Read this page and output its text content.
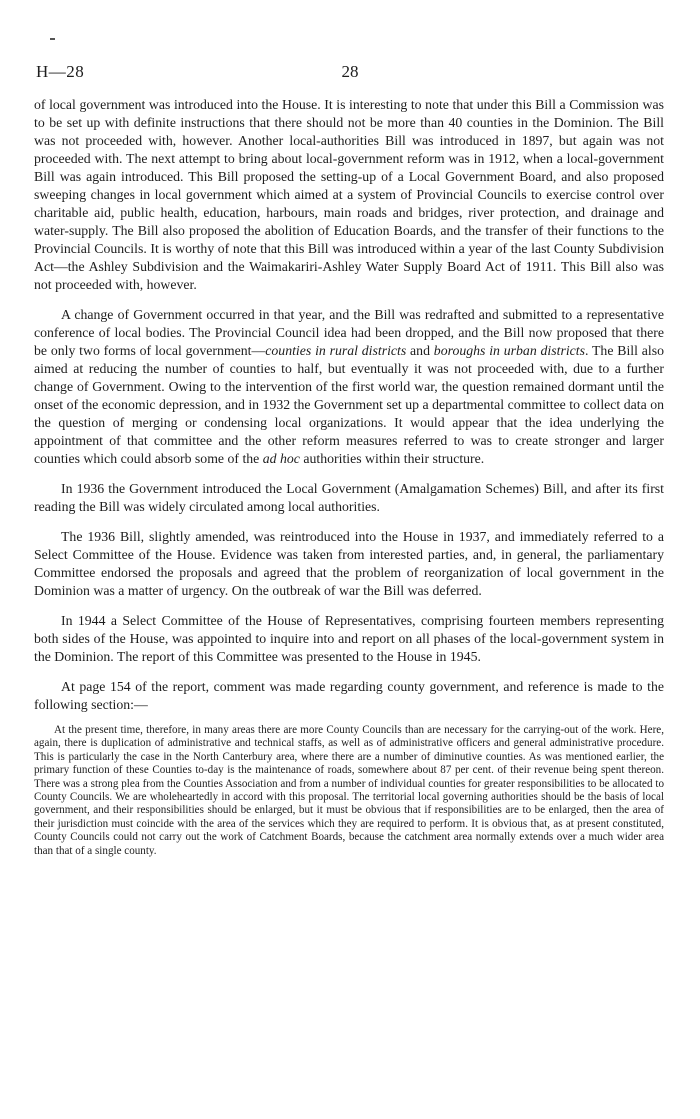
H—28	28

of local government was introduced into the House. It is interesting to note that under this Bill a Commission was to be set up with definite instructions that there should not be more than 40 counties in the Dominion. The Bill was not proceeded with, however. Another local-authorities Bill was introduced in 1897, but again was not proceeded with. The next attempt to bring about local-government reform was in 1912, when a local-government Bill was again introduced. This Bill proposed the setting-up of a Local Government Board, and also proposed sweeping changes in local government which aimed at a system of Provincial Councils to exercise control over charitable aid, public health, education, harbours, main roads and bridges, river protection, and drainage and water-supply. The Bill also proposed the abolition of Education Boards, and the transfer of their functions to the Provincial Councils. It is worthy of note that this Bill was introduced within a year of the last County Subdivision Act—the Ashley Subdivision and the Waimakariri-Ashley Water Supply Board Act of 1911. This Bill also was not proceeded with, however.

A change of Government occurred in that year, and the Bill was redrafted and submitted to a representative conference of local bodies. The Provincial Council idea had been dropped, and the Bill now proposed that there be only two forms of local government—counties in rural districts and boroughs in urban districts. The Bill also aimed at reducing the number of counties to half, but eventually it was not proceeded with, due to a further change of Government. Owing to the intervention of the first world war, the question remained dormant until the onset of the economic depression, and in 1932 the Government set up a departmental committee to collect data on the question of merging or condensing local organizations. It would appear that the idea underlying the appointment of that committee and the other reform measures referred to was to create stronger and larger counties which could absorb some of the ad hoc authorities within their structure.

In 1936 the Government introduced the Local Government (Amalgamation Schemes) Bill, and after its first reading the Bill was widely circulated among local authorities.

The 1936 Bill, slightly amended, was reintroduced into the House in 1937, and immediately referred to a Select Committee of the House. Evidence was taken from interested parties, and, in general, the parliamentary Committee endorsed the proposals and agreed that the problem of reorganization of local government in the Dominion was a matter of urgency. On the outbreak of war the Bill was deferred.

In 1944 a Select Committee of the House of Representatives, comprising fourteen members representing both sides of the House, was appointed to inquire into and report on all phases of the local-government system in the Dominion. The report of this Committee was presented to the House in 1945.

At page 154 of the report, comment was made regarding county government, and reference is made to the following section:—

At the present time, therefore, in many areas there are more County Councils than are necessary for the carrying-out of the work. Here, again, there is duplication of administrative and technical staffs, as well as of administrative officers and general administrative procedure. This is particularly the case in the North Canterbury area, where there are a number of diminutive counties. As was mentioned earlier, the primary function of these Counties to-day is the maintenance of roads, somewhere about 87 per cent. of their revenue being spent thereon. There was a strong plea from the Counties Association and from a number of individual counties for greater responsibilities to be allocated to County Councils. We are wholeheartedly in accord with this proposal. The territorial local governing authorities should be the basis of local government, and their responsibilities should be enlarged, but it must be obvious that if responsibilities are to be enlarged, then the area of their jurisdiction must coincide with the area of the services which they are required to perform. It is obvious that, as at present constituted, County Councils could not carry out the work of Catchment Boards, because the catchment area normally extends over a much wider area than that of a single county.
